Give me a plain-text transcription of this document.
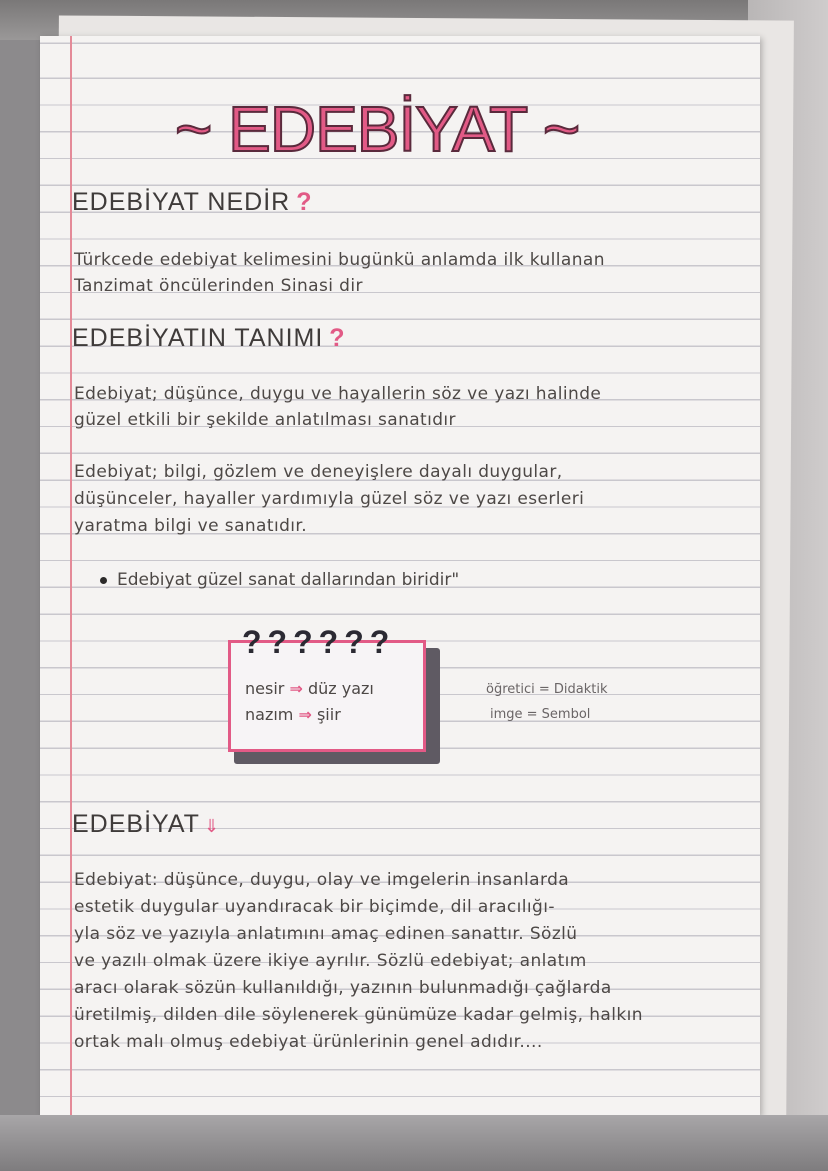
~ EDEBİYAT ~
EDEBİYAT NEDİR ?
Türkcede edebiyat kelimesini bugünkü anlamda ilk kullanan
Tanzimat öncülerinden Sinasi dir
EDEBİYATIN TANIMI ?
Edebiyat; düşünce, duygu ve hayallerin söz ve yazı halinde
güzel etkili bir şekilde anlatılması sanatıdır
Edebiyat; bilgi, gözlem ve deneyişlere dayalı duygular,
düşünceler, hayaller yardımıyla güzel söz ve yazı eserleri
yaratma bilgi ve sanatıdır.
Edebiyat güzel sanat dallarından biridir"
nesir ⇒ düz yazı
nazım ⇒ şiir
??????
öğretici = Didaktik
imge = Sembol
EDEBİYAT ⇓
Edebiyat: düşünce, duygu, olay ve imgelerin insanlarda
estetik duygular uyandıracak bir biçimde, dil aracılığı-
yla söz ve yazıyla anlatımını amaç edinen sanattır. Sözlü
ve yazılı olmak üzere ikiye ayrılır. Sözlü edebiyat; anlatım
aracı olarak sözün kullanıldığı, yazının bulunmadığı çağlarda
üretilmiş, dilden dile söylenerek günümüze kadar gelmiş, halkın
ortak malı olmuş edebiyat ürünlerinin genel adıdır....
